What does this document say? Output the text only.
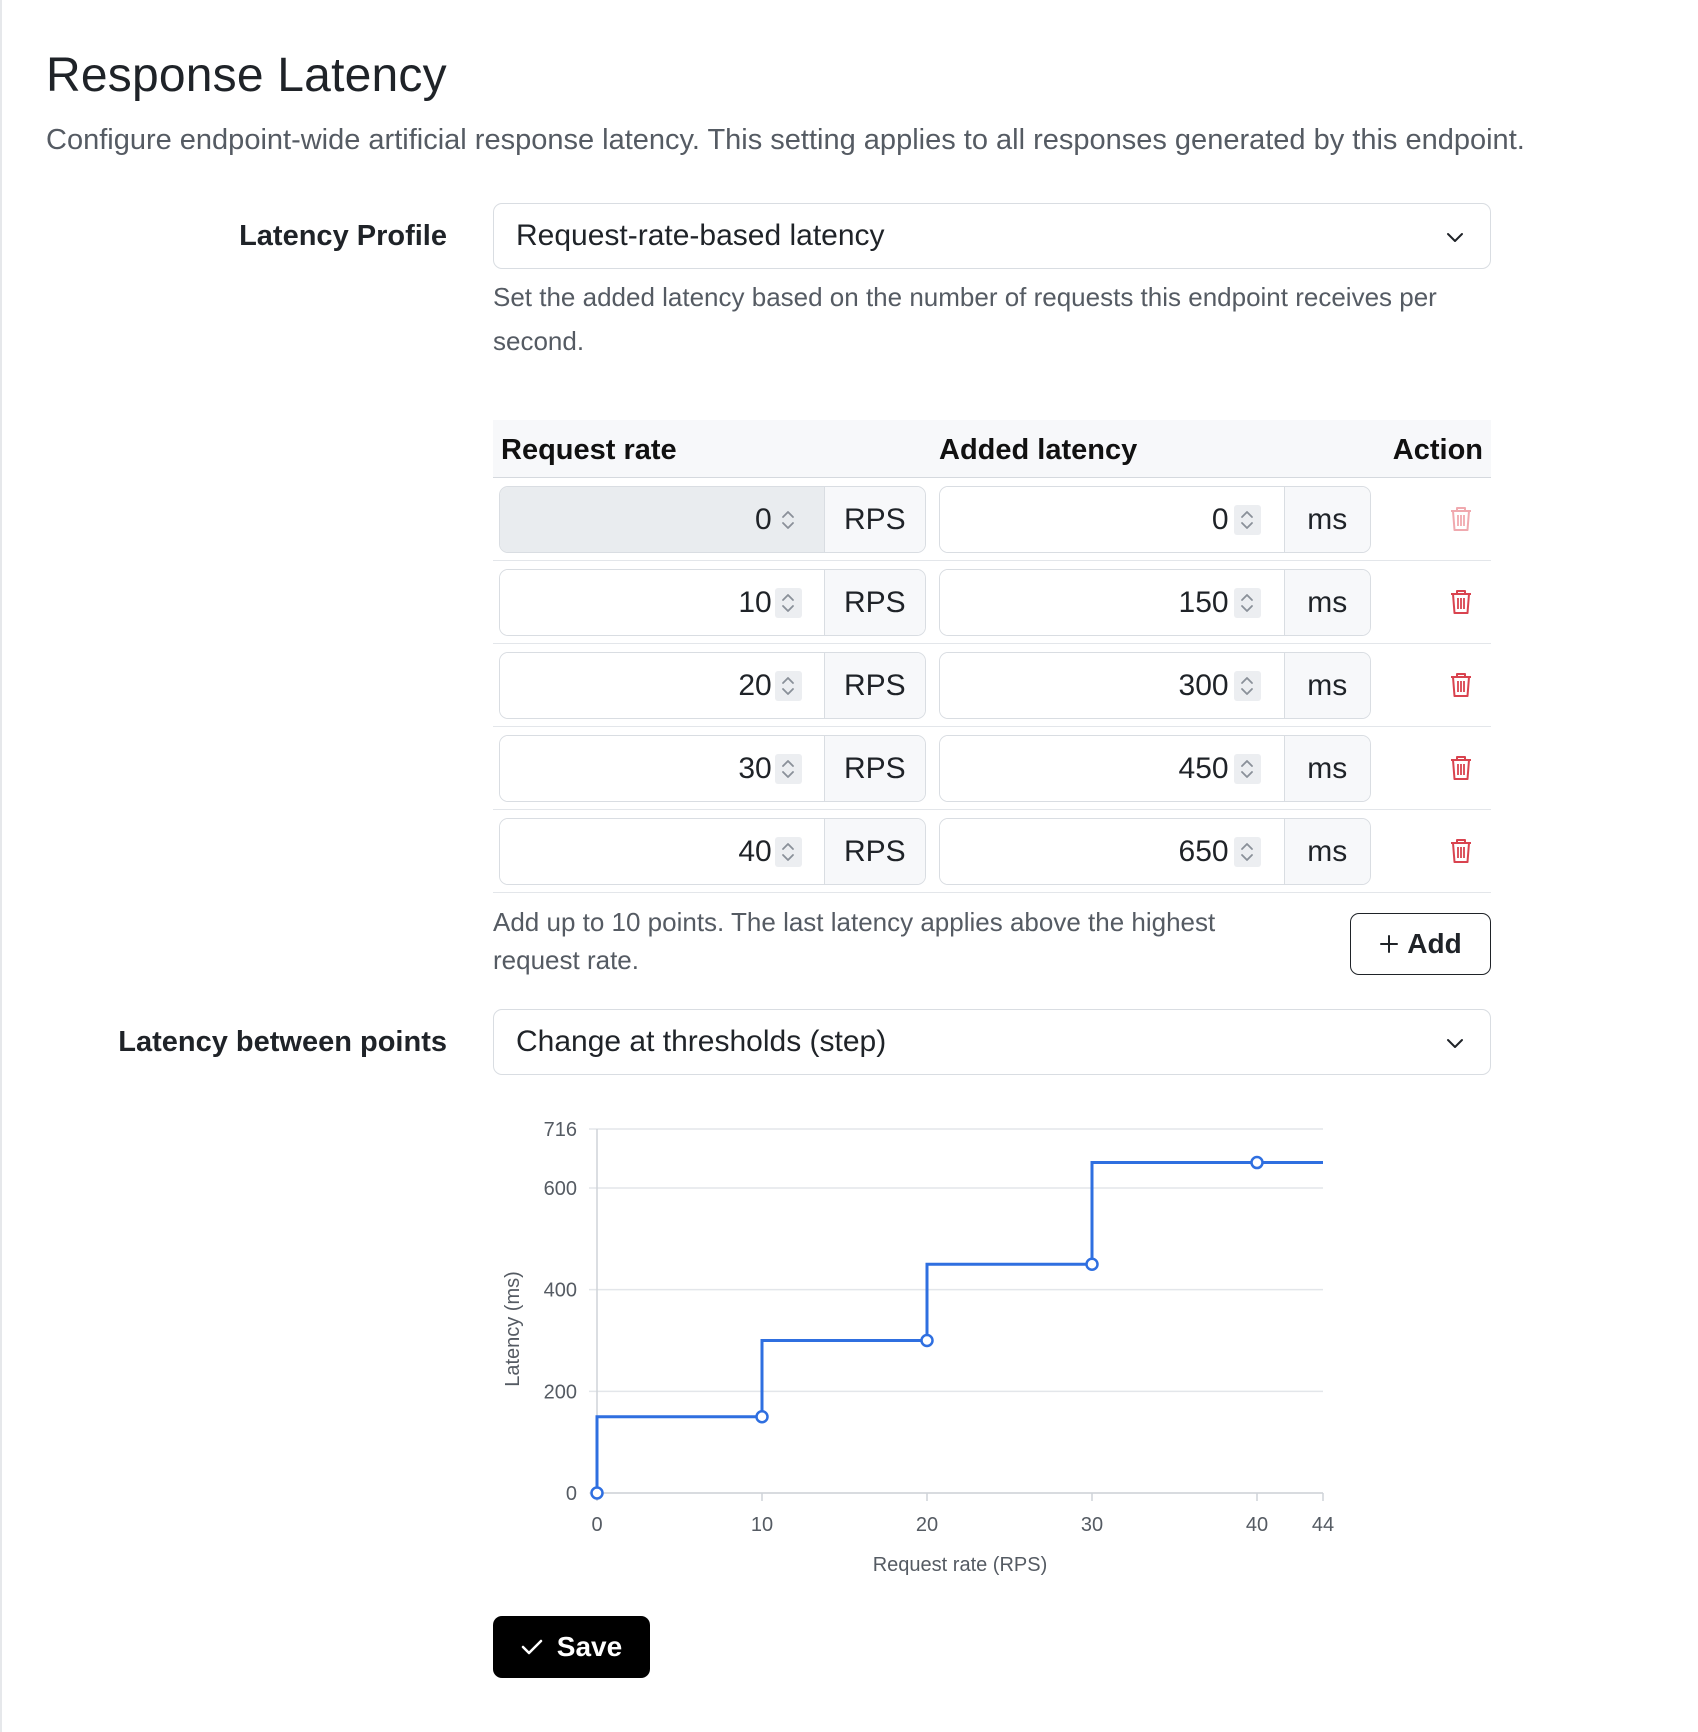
Response Latency
Configure endpoint-wide artificial response latency. This setting applies to all responses generated by this endpoint.
Latency Profile Request-rate-based latency
Set the added latency based on the number of requests this endpoint receives per second.
Request rate	Added latency	Action
0	RPS	0	ms
10	RPS	150	ms
20	RPS	300	ms
30	RPS	450	ms
40	RPS	650	ms
Add up to 10 points. The last latency applies above the highest request rate.
Add
Latency between points Change at thresholds (step)
0
200
400
600
716
0	10	20	30	40 44
Request rate (RPS)
Latency (ms)
Save
